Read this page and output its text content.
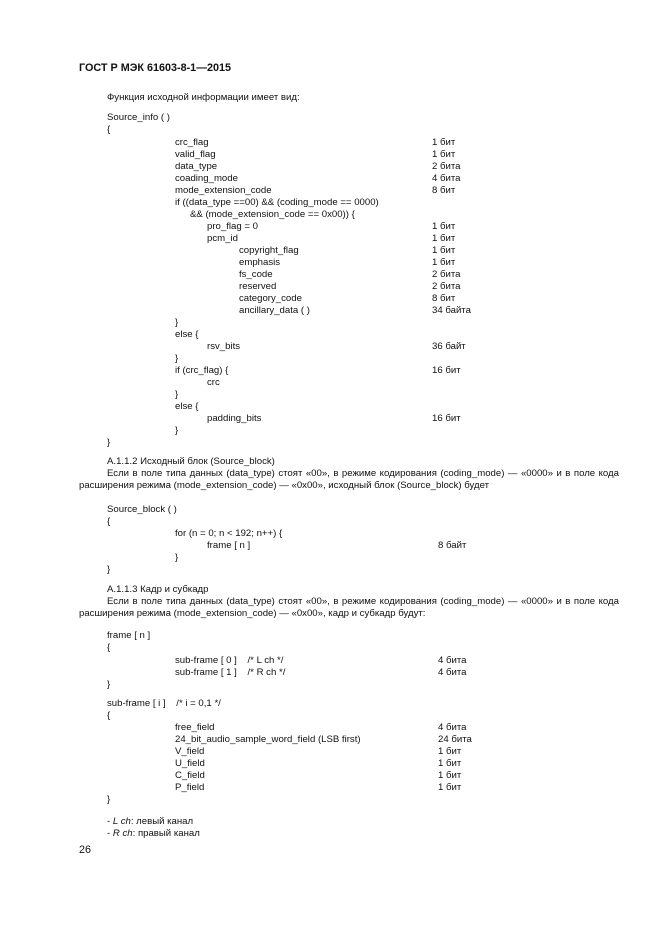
ГОСТ Р МЭК 61603-8-1—2015
Функция исходной информации имеет вид:
Source_info ( )
{
crc_flag	1 бит
valid_flag	1 бит
data_type	2 бита
coading_mode	4 бита
mode_extension_code	8 бит
if ((data_type ==00) && (coding_mode == 0000)
&& (mode_extension_code == 0x00)) {
pro_flag = 0	1 бит
pcm_id	1 бит
copyright_flag	1 бит
emphasis	1 бит
fs_code	2 бита
reserved	2 бита
category_code	8 бит
ancillary_data ( )	34 байта
}
else {
rsv_bits	36 байт
}
if (crc_flag) {	16 бит
crc
}
else {
padding_bits	16 бит
}
}
А.1.1.2 Исходный блок (Source_block)
Если в поле типа данных (data_type) стоят «00», в режиме кодирования (coding_mode) — «0000» и в поле кода расширения режима (mode_extension_code) — «0x00», исходный блок (Source_block) будет
Source_block ( )
{
for (n = 0; n < 192; n++) {
frame [ n ]	8 байт
}
}
А.1.1.3 Кадр и субкадр
Если в поле типа данных (data_type) стоят «00», в режиме кодирования (coding_mode) — «0000» и в поле кода расширения режима (mode_extension_code) — «0x00», кадр и субкадр будут:
frame [ n ]
{
sub-frame [ 0 ]    /* L ch */	4 бита
sub-frame [ 1 ]    /* R ch */	4 бита
}
sub-frame [ i ]    /* i = 0,1 */
{
free_field	4 бита
24_bit_audio_sample_word_field (LSB first)	24 бита
V_field	1 бит
U_field	1 бит
C_field	1 бит
P_field	1 бит
}
- L ch: левый канал
- R ch: правый канал
26
